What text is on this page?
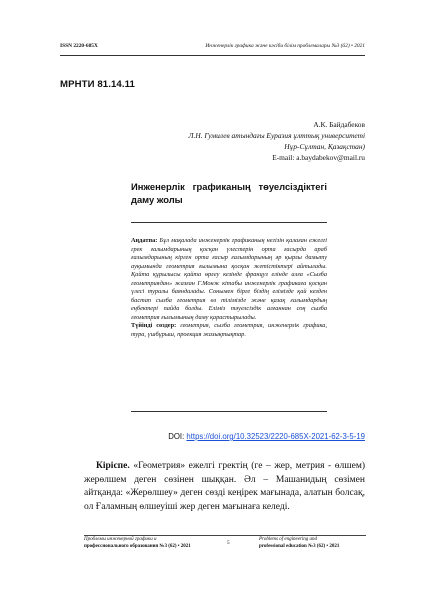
ISSN 2220-685X	Инженерлік графика және кәсіби білім проблемалары №3 (62) • 2021
МРНТИ 81.14.11
А.К. Байдабеков
Л.Н. Гумилев атындағы Еуразия ұлттық университеті
Нұр-Сұлтан, Қазақстан)
E-mail: a.baydabekov@mail.ru
Инженерлік графиканың төуелсіздіктегі
даму жолы
Аңдатпа: Бұл мақалада инженерлік графиканың негізін қалаған ежелгі грек ғалымдарының қосқан үлестерін орта ғасырда араб ғалымдарының кірген орта ғасыр ғалымдарының әр қырлы дамыту ауқымында геометрия ғылымына қосқан жетістіктері айтылады. Қайта құрылысы қайта өрлеу кезінде француз елінде алға «Сызба геометриядан» жазған Г.Монж кітабы инженерлік графикаға қосқан үлесі туралы баяндалады. Сонымен бірге біздің елімізде қай кезден бастап сызба геометрия өз тілімізде және қазақ ғалымдардың еңбектері пайда болды. Еліміз тәуелсіздік алғаннан соң сызба геометрия ғылымының даму қарастырылады.
Түйінді сөздер: геометрия, сызба геометрия, инженерлік графика, тура, үшбұрыш, проекция жазықтықтар.
DOI: https://doi.org/10.32523/2220-685X-2021-62-3-5-19
Кіріспе. «Геометрия» ежелгі гректің (ге – жер, метрия - өлшем) жерөлшем деген сөзінен шыққан. Әл – Машанидың сөзімен айтқанда: «Жерөлшеу» деген сөзді кеңірек мағынада, алатын болсақ, ол Ғаламның өлшеуіші жер деген мағынаға келеді.
Проблемы инженерной графики и
профессионального образования №3 (62) • 2021	5
Problems of engineering and
professional education №3 (62) • 2021
